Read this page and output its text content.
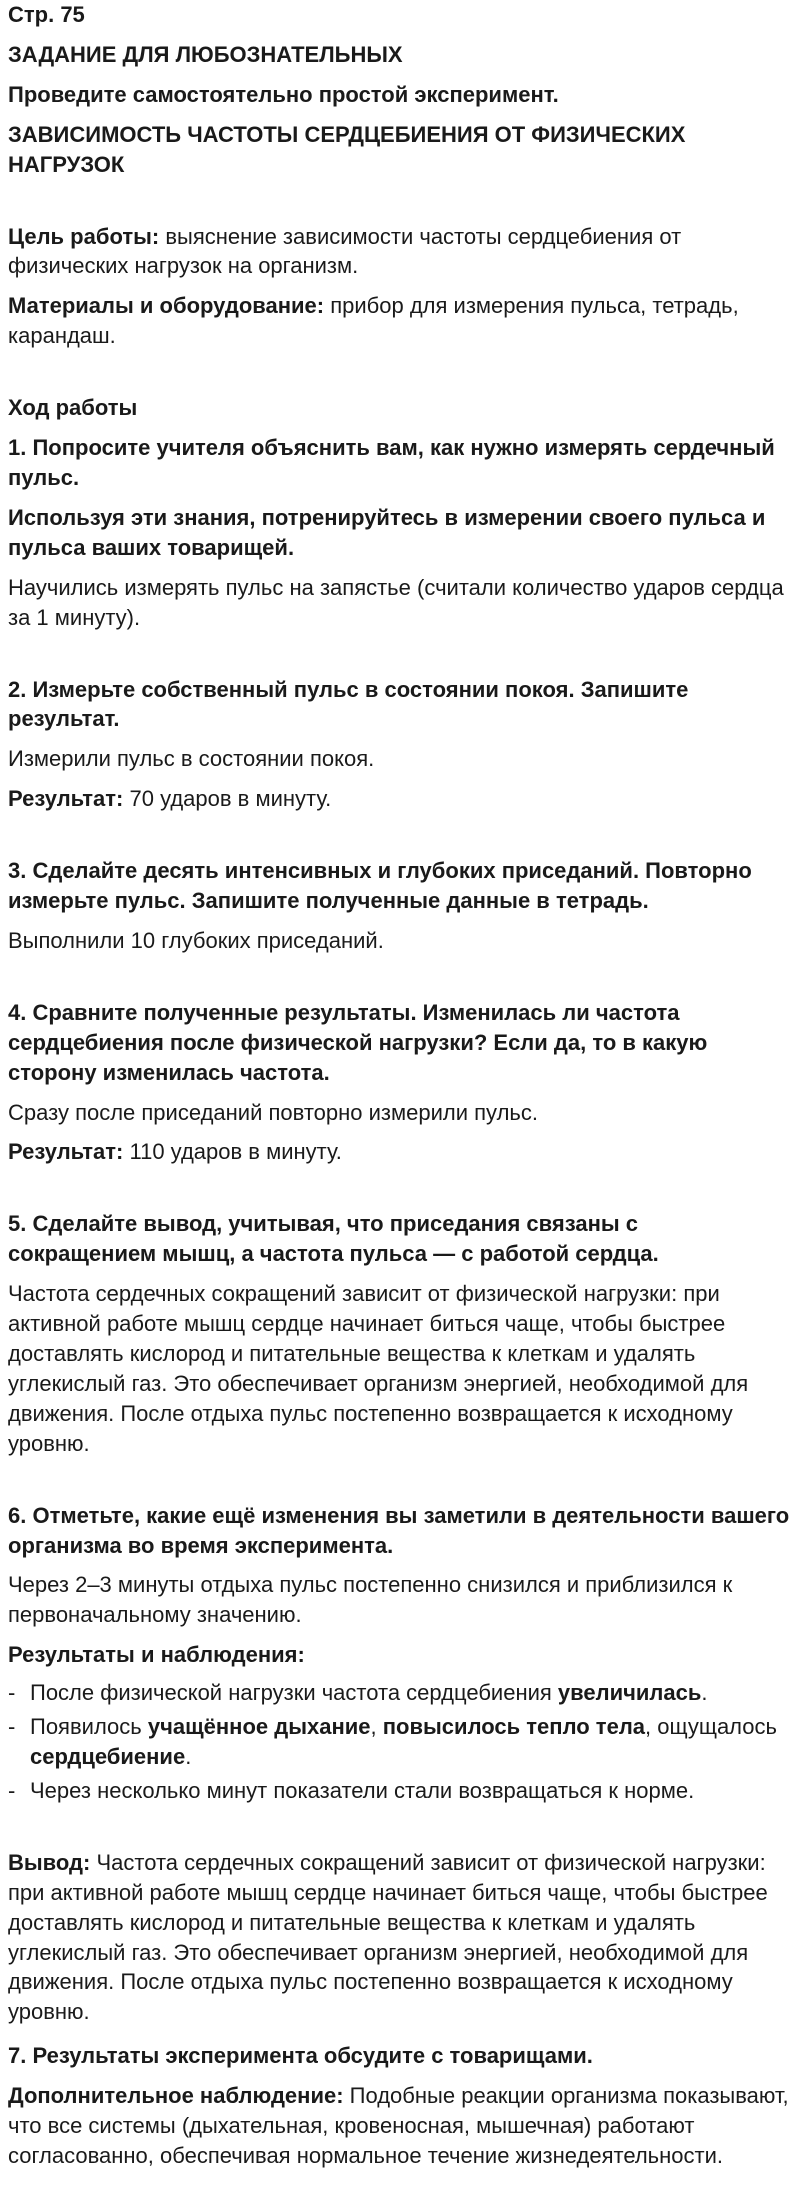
Стр. 75

ЗАДАНИЕ ДЛЯ ЛЮБОЗНАТЕЛЬНЫХ

Проведите самостоятельно простой эксперимент.

ЗАВИСИМОСТЬ ЧАСТОТЫ СЕРДЦЕБИЕНИЯ ОТ ФИЗИЧЕСКИХ НАГРУЗОК

Цель работы: выяснение зависимости частоты сердцебиения от физических нагрузок на организм.

Материалы и оборудование: прибор для измерения пульса, тетрадь, карандаш.

Ход работы

1. Попросите учителя объяснить вам, как нужно измерять сердечный пульс.

Используя эти знания, потренируйтесь в измерении своего пульса и пульса ваших товарищей.

Научились измерять пульс на запястье (считали количество ударов сердца за 1 минуту).

2. Измерьте собственный пульс в состоянии покоя. Запишите результат.

Измерили пульс в состоянии покоя.

Результат: 70 ударов в минуту.

3. Сделайте десять интенсивных и глубоких приседаний. Повторно измерьте пульс. Запишите полученные данные в тетрадь.

Выполнили 10 глубоких приседаний.

4. Сравните полученные результаты. Изменилась ли частота сердцебиения после физической нагрузки? Если да, то в какую сторону изменилась частота.

Сразу после приседаний повторно измерили пульс.

Результат: 110 ударов в минуту.

5. Сделайте вывод, учитывая, что приседания связаны с сокращением мышц, а частота пульса — с работой сердца.

Частота сердечных сокращений зависит от физической нагрузки: при активной работе мышц сердце начинает биться чаще, чтобы быстрее доставлять кислород и питательные вещества к клеткам и удалять углекислый газ. Это обеспечивает организм энергией, необходимой для движения. После отдыха пульс постепенно возвращается к исходному уровню.

6. Отметьте, какие ещё изменения вы заметили в деятельности вашего организма во время эксперимента.

Через 2–3 минуты отдыха пульс постепенно снизился и приблизился к первоначальному значению.

Результаты и наблюдения:

- После физической нагрузки частота сердцебиения увеличилась.
- Появилось учащённое дыхание, повысилось тепло тела, ощущалось сердцебиение.
- Через несколько минут показатели стали возвращаться к норме.

Вывод: Частота сердечных сокращений зависит от физической нагрузки: при активной работе мышц сердце начинает биться чаще, чтобы быстрее доставлять кислород и питательные вещества к клеткам и удалять углекислый газ. Это обеспечивает организм энергией, необходимой для движения. После отдыха пульс постепенно возвращается к исходному уровню.

7. Результаты эксперимента обсудите с товарищами.

Дополнительное наблюдение: Подобные реакции организма показывают, что все системы (дыхательная, кровеносная, мышечная) работают согласованно, обеспечивая нормальное течение жизнедеятельности.
